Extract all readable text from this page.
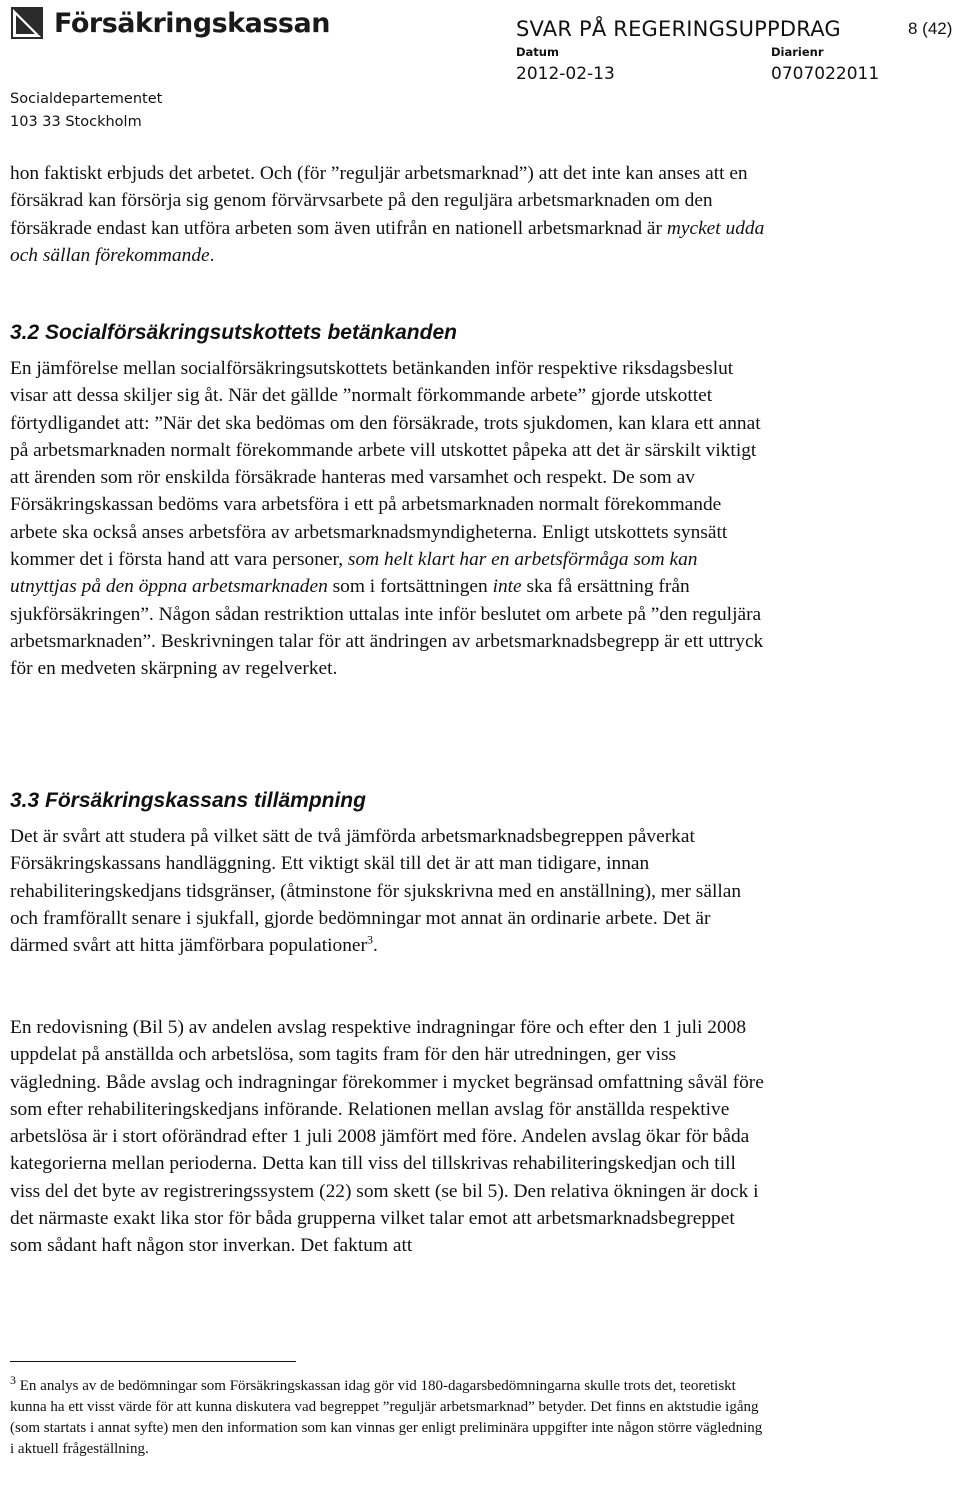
Försäkringskassan	SVAR PÅ REGERINGSUPPDRAG	8 (42)
Datum
2012-02-13
Diarienr
0707022011
Socialdepartementet
103 33 Stockholm

hon faktiskt erbjuds det arbetet. Och (för ”reguljär arbetsmarknad”) att det inte kan anses att en försäkrad kan försörja sig genom förvärvsarbete på den reguljära arbetsmarknaden om den försäkrade endast kan utföra arbeten som även utifrån en nationell arbetsmarknad är mycket udda och sällan förekommande.

3.2 Socialförsäkringsutskottets betänkanden

En jämförelse mellan socialförsäkringsutskottets betänkanden inför respektive riksdagsbeslut visar att dessa skiljer sig åt. När det gällde ”normalt förkommande arbete” gjorde utskottet förtydligandet att: ”När det ska bedömas om den försäkrade, trots sjukdomen, kan klara ett annat på arbetsmarknaden normalt förekommande arbete vill utskottet påpeka att det är särskilt viktigt att ärenden som rör enskilda försäkrade hanteras med varsamhet och respekt. De som av Försäkringskassan bedöms vara arbetsföra i ett på arbetsmarknaden normalt förekommande arbete ska också anses arbetsföra av arbetsmarknadsmyndigheterna. Enligt utskottets synsätt kommer det i första hand att vara personer, som helt klart har en arbetsförmåga som kan utnyttjas på den öppna arbetsmarknaden som i fortsättningen inte ska få ersättning från sjukförsäkringen”. Någon sådan restriktion uttalas inte inför beslutet om arbete på ”den reguljära arbetsmarknaden”. Beskrivningen talar för att ändringen av arbetsmarknadsbegrepp är ett uttryck för en medveten skärpning av regelverket.

3.3 Försäkringskassans tillämpning

Det är svårt att studera på vilket sätt de två jämförda arbetsmarknadsbegreppen påverkat Försäkringskassans handläggning. Ett viktigt skäl till det är att man tidigare, innan rehabiliteringskedjans tidsgränser, (åtminstone för sjukskrivna med en anställning), mer sällan och framförallt senare i sjukfall, gjorde bedömningar mot annat än ordinarie arbete. Det är därmed svårt att hitta jämförbara populationer$^3$.

En redovisning (Bil 5) av andelen avslag respektive indragningar före och efter den 1 juli 2008 uppdelat på anställda och arbetslösa, som tagits fram för den här utredningen, ger viss vägledning. Både avslag och indragningar förekommer i mycket begränsad omfattning såväl före som efter rehabiliteringskedjans införande. Relationen mellan avslag för anställda respektive arbetslösa är i stort oförändrad efter 1 juli 2008 jämfört med före. Andelen avslag ökar för båda kategorierna mellan perioderna. Detta kan till viss del tillskrivas rehabiliteringskedjan och till viss del det byte av registreringssystem (22) som skett (se bil 5). Den relativa ökningen är dock i det närmaste exakt lika stor för båda grupperna vilket talar emot att arbetsmarknadsbegreppet som sådant haft någon stor inverkan. Det faktum att

$^3$ En analys av de bedömningar som Försäkringskassan idag gör vid 180-dagarsbedömningarna skulle trots det, teoretiskt kunna ha ett visst värde för att kunna diskutera vad begreppet ”reguljär arbetsmarknad” betyder. Det finns en aktstudie igång (som startats i annat syfte) men den information som kan vinnas ger enligt preliminära uppgifter inte någon större vägledning i aktuell frågeställning.
